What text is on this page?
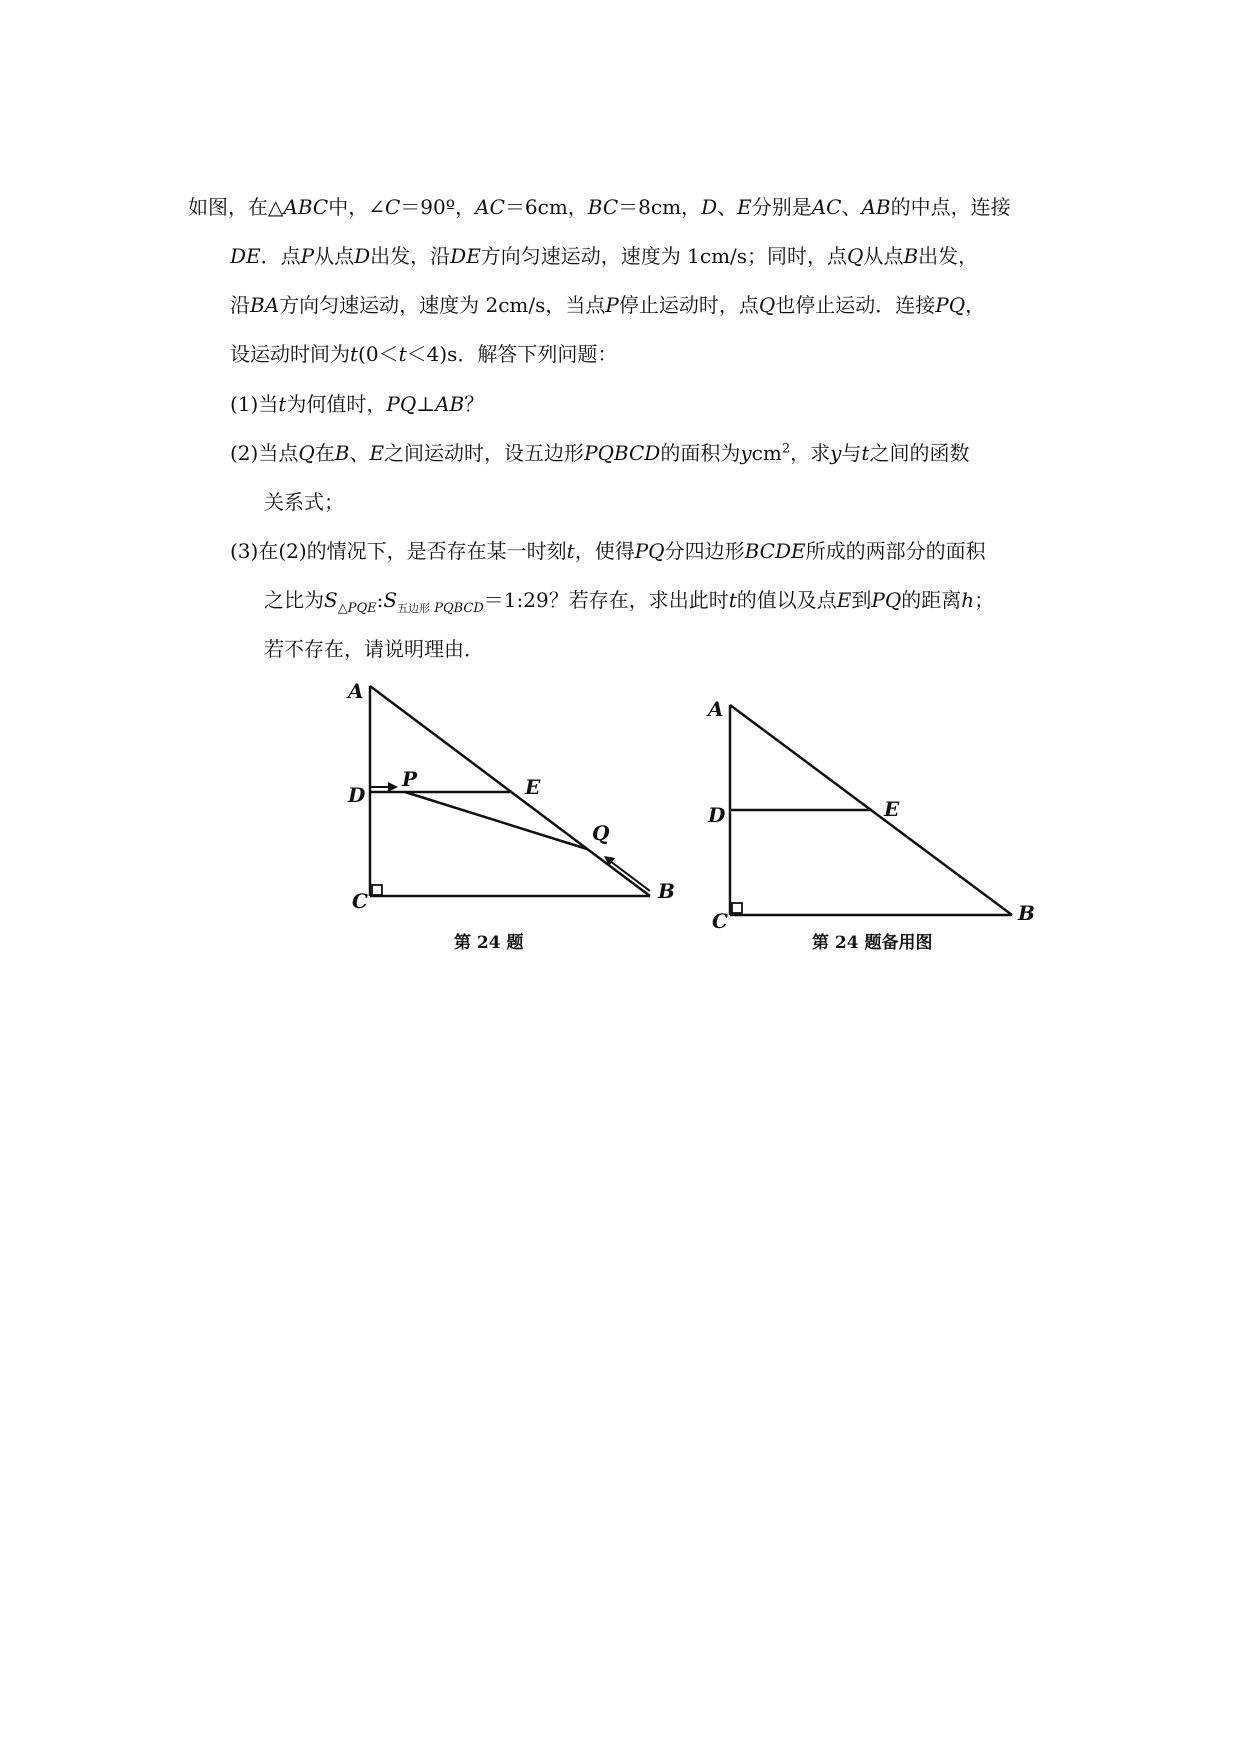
如图，在△ABC中，∠C＝90º，AC＝6cm，BC＝8cm，D、E分别是AC、AB的中点，连接
DE．点P从点D出发，沿DE方向匀速运动，速度为 1cm/s；同时，点Q从点B出发，
沿BA方向匀速运动，速度为 2cm/s，当点P停止运动时，点Q也停止运动．连接PQ，
设运动时间为t(0＜t＜4)s．解答下列问题：
(1)当t为何值时，PQ⊥AB？
(2)当点Q在B、E之间运动时，设五边形PQBCD的面积为ycm$^2$，求y与t之间的函数
关系式；
(3)在(2)的情况下，是否存在某一时刻t，使得PQ分四边形BCDE所成的两部分的面积
之比为$S_{\triangle PQE}:S_{五边形 PQBCD}=1:29$？若存在，求出此时t的值以及点E到PQ的距离h；
若不存在，请说明理由．
A
D
P	E
Q
C	B
A
D	E
C	B
第 24 题	第 24 题备用图
